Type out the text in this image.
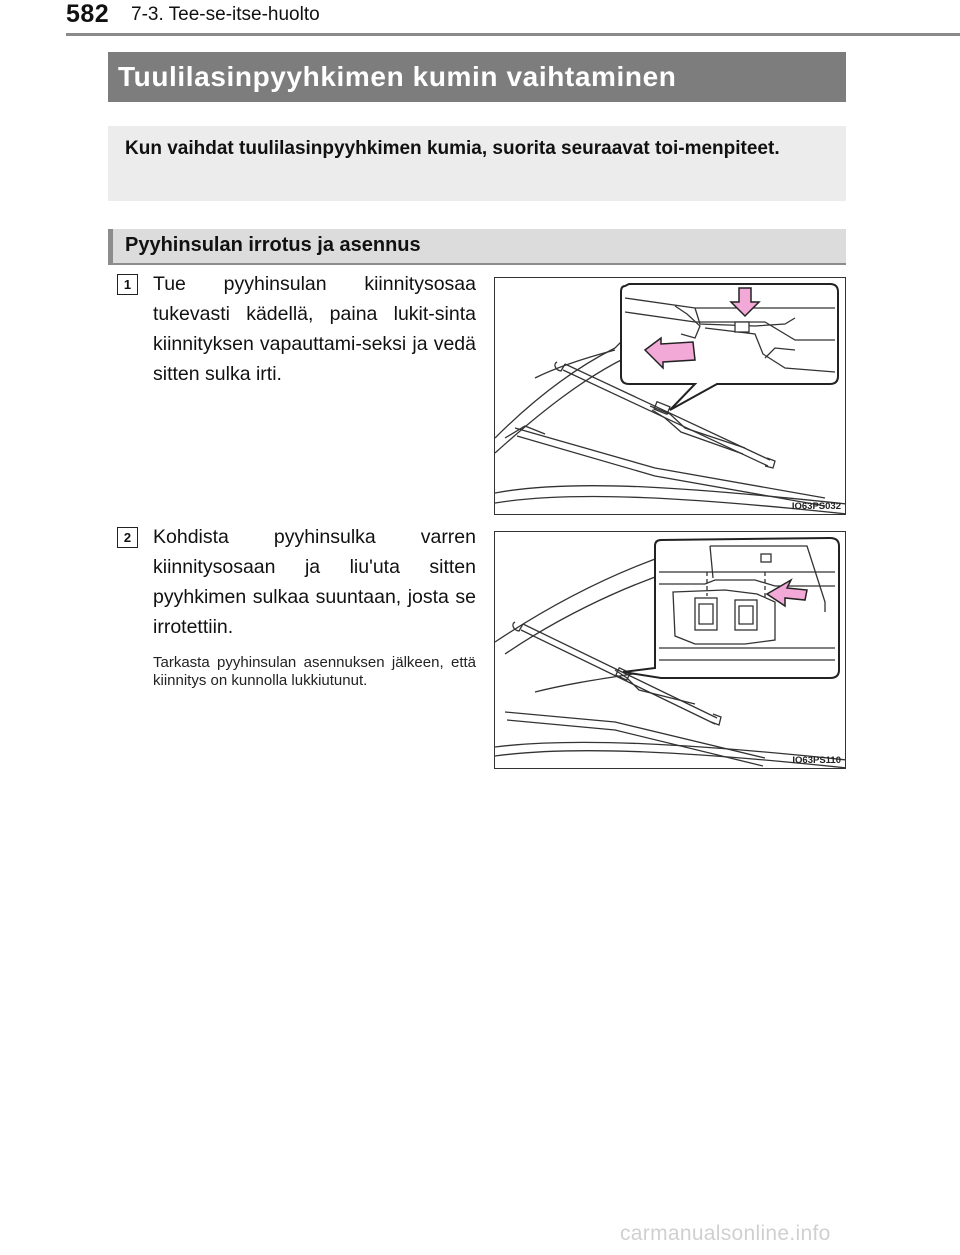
582 7-3. Tee-se-itse-huolto
Tuulilasinpyyhkimen kumin vaihtaminen
Kun vaihdat tuulilasinpyyhkimen kumia, suorita seuraavat toi-menpiteet.
Pyyhinsulan irrotus ja asennus
1	Tue pyyhinsulan kiinnitysosaa tukevasti kädellä, paina lukit-sinta kiinnityksen vapauttami-seksi ja vedä sitten sulka irti.
IO63PS032
2	Kohdista pyyhinsulka varren kiinnitysosaan ja liu'uta sitten pyyhkimen sulkaa suuntaan, josta se irrotettiin.
Tarkasta pyyhinsulan asennuksen jälkeen, että kiinnitys on kunnolla lukkiutunut.
IO63PS110
carmanualsonline.info
